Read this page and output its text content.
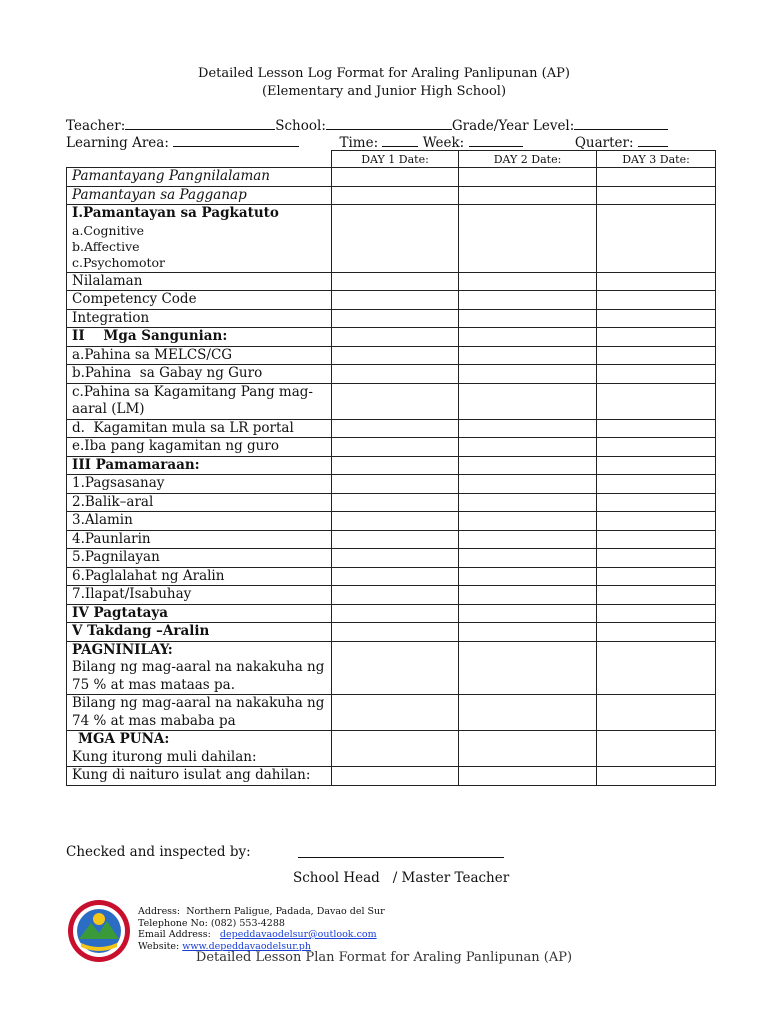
Detailed Lesson Log Format for Araling Panlipunan (AP)
(Elementary and Junior High School)
Teacher:	School:	Grade/Year Level:
Learning Area:	Time:	Week:	Quarter:
	DAY 1 Date:	DAY 2 Date:	DAY 3 Date:
Pamantayang Pangnilalaman			
Pamantayan sa Pagganap			

I.Pamantayan sa Pagkatuto
a.Cognitive
b.Affective
c.Psychomotor			

Nilalaman			
Competency Code			
Integration			
II    Mga Sangunian:			
a.Pahina sa MELCS/CG			
b.Pahina  sa Gabay ng Guro			
c.Pahina sa Kagamitang Pang mag-aaral (LM)			
d.  Kagamitan mula sa LR portal			
e.Iba pang kagamitan ng guro			
III Pamamaraan:			
1.Pagsasanay			
2.Balik–aral			
3.Alamin			
4.Paunlarin			
5.Pagnilayan			
6.Paglalahat ng Aralin			
7.Ilapat/Isabuhay			
IV Pagtataya			
V Takdang –Aralin			

PAGNINILAY:
Bilang ng mag-aaral na nakakuha ng 75 % at mas mataas pa.			

Bilang ng mag-aaral na nakakuha ng 74 % at mas mababa pa			

MGA PUNA:
Kung iturong muli dahilan:			

Kung di naituro isulat ang dahilan:			
Checked and inspected by:
School Head   / Master Teacher
Address: Northern Paligue, Padada, Davao del Sur
Telephone No: (082) 553-4288
Email Address: depeddavaodelsur@outlook.com
Website: www.depeddavaodelsur.ph
Detailed Lesson Plan Format for Araling Panlipunan (AP)
